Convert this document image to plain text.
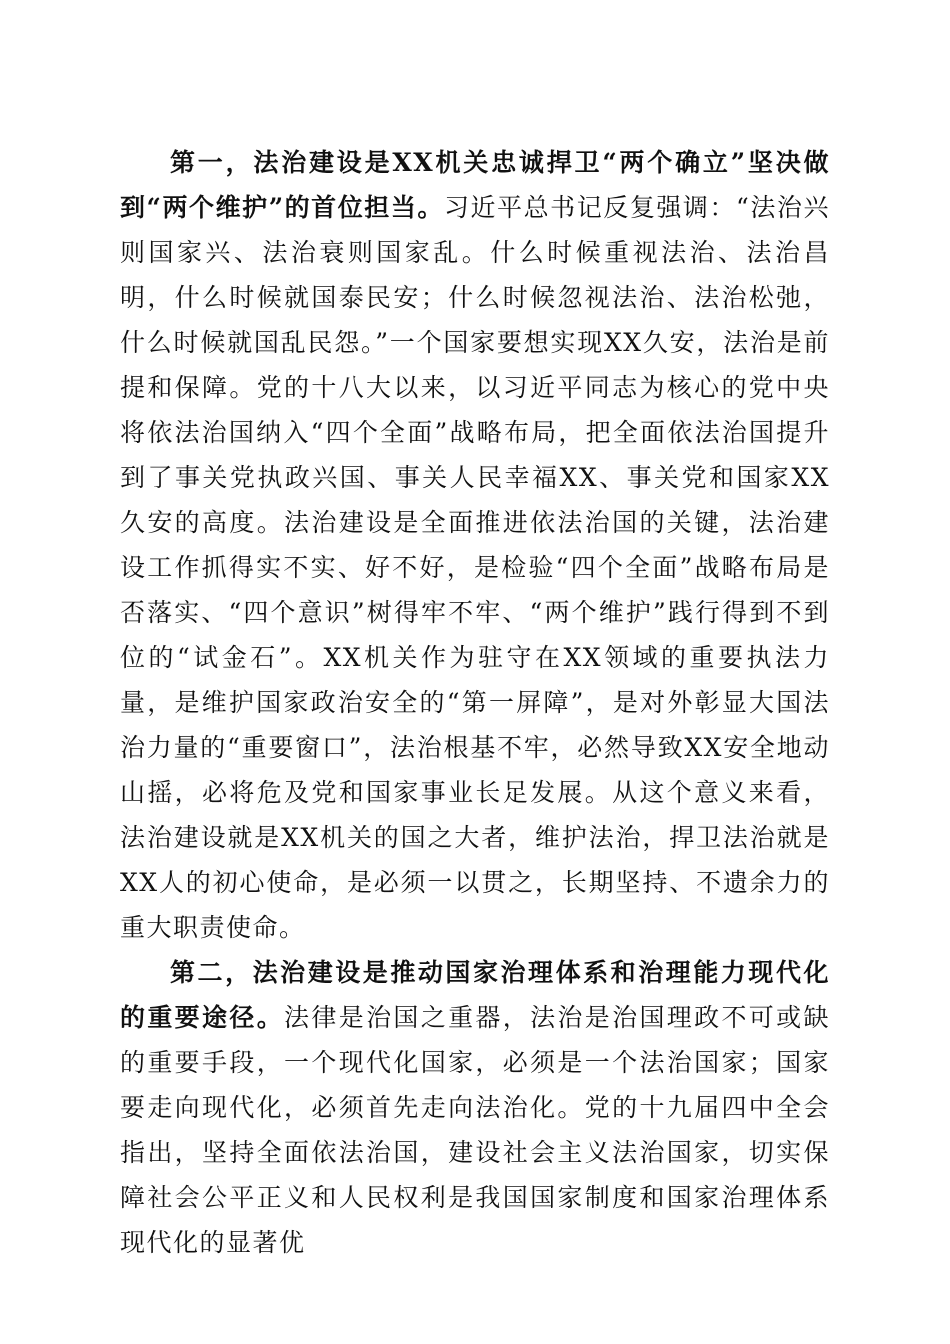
第一，法治建设是XX机关忠诚捍卫“两个确立”坚决做到“两个维护”的首位担当。习近平总书记反复强调：“法治兴则国家兴、法治衰则国家乱。什么时候重视法治、法治昌明，什么时候就国泰民安；什么时候忽视法治、法治松弛，什么时候就国乱民怨。”一个国家要想实现XX久安，法治是前提和保障。党的十八大以来，以习近平同志为核心的党中央将依法治国纳入“四个全面”战略布局，把全面依法治国提升到了事关党执政兴国、事关人民幸福XX、事关党和国家XX久安的高度。法治建设是全面推进依法治国的关键，法治建设工作抓得实不实、好不好，是检验“四个全面”战略布局是否落实、“四个意识”树得牢不牢、“两个维护”践行得到不到位的“试金石”。XX机关作为驻守在XX领域的重要执法力量，是维护国家政治安全的“第一屏障”，是对外彰显大国法治力量的“重要窗口”，法治根基不牢，必然导致XX安全地动山摇，必将危及党和国家事业长足发展。从这个意义来看，法治建设就是XX机关的国之大者，维护法治，捍卫法治就是XX人的初心使命，是必须一以贯之，长期坚持、不遗余力的重大职责使命。

第二，法治建设是推动国家治理体系和治理能力现代化的重要途径。法律是治国之重器，法治是治国理政不可或缺的重要手段，一个现代化国家，必须是一个法治国家；国家要走向现代化，必须首先走向法治化。党的十九届四中全会指出，坚持全面依法治国，建设社会主义法治国家，切实保障社会公平正义和人民权利是我国国家制度和国家治理体系现代化的显著优
